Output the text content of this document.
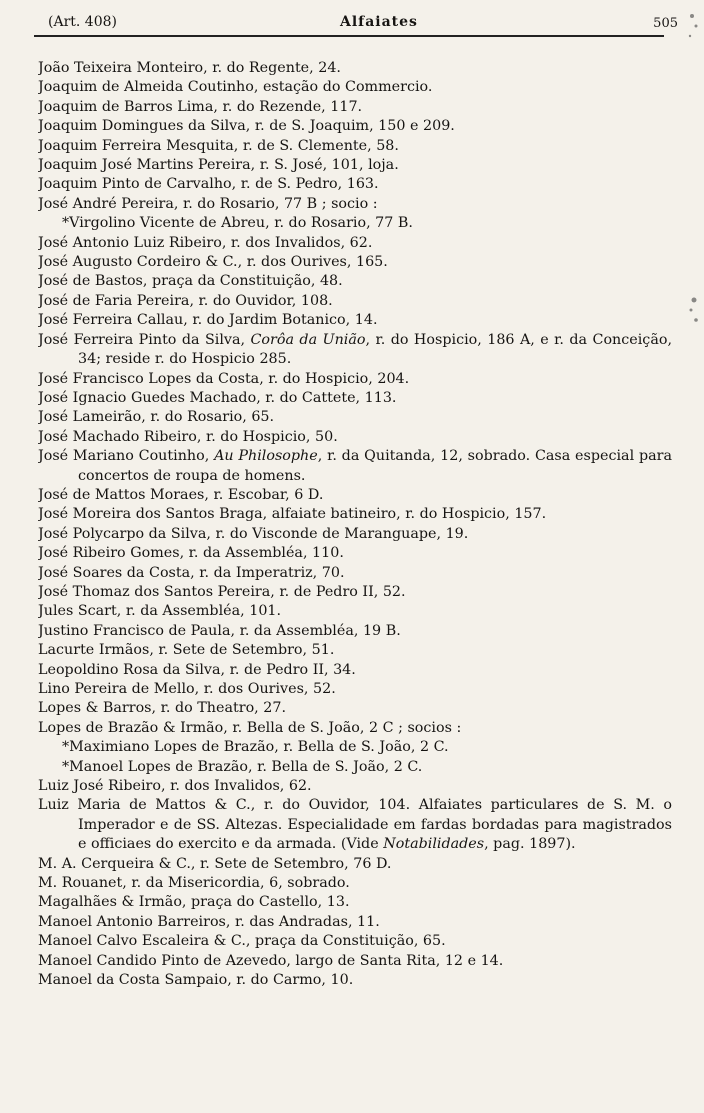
(Art. 408)	Alfaiates	505
João Teixeira Monteiro, r. do Regente, 24.
Joaquim de Almeida Coutinho, estação do Commercio.
Joaquim de Barros Lima, r. do Rezende, 117.
Joaquim Domingues da Silva, r. de S. Joaquim, 150 e 209.
Joaquim Ferreira Mesquita, r. de S. Clemente, 58.
Joaquim José Martins Pereira, r. S. José, 101, loja.
Joaquim Pinto de Carvalho, r. de S. Pedro, 163.
José André Pereira, r. do Rosario, 77 B ; socio :
*Virgolino Vicente de Abreu, r. do Rosario, 77 B.
José Antonio Luiz Ribeiro, r. dos Invalidos, 62.
José Augusto Cordeiro & C., r. dos Ourives, 165.
José de Bastos, praça da Constituição, 48.
José de Faria Pereira, r. do Ouvidor, 108.
José Ferreira Callau, r. do Jardim Botanico, 14.
José Ferreira Pinto da Silva, Corôa da União, r. do Hospicio, 186 A, e r. da Conceição, 34; reside r. do Hospicio 285.
José Francisco Lopes da Costa, r. do Hospicio, 204.
José Ignacio Guedes Machado, r. do Cattete, 113.
José Lameirão, r. do Rosario, 65.
José Machado Ribeiro, r. do Hospicio, 50.
José Mariano Coutinho, Au Philosophe, r. da Quitanda, 12, sobrado. Casa especial para concertos de roupa de homens.
José de Mattos Moraes, r. Escobar, 6 D.
José Moreira dos Santos Braga, alfaiate batineiro, r. do Hospicio, 157.
José Polycarpo da Silva, r. do Visconde de Maranguape, 19.
José Ribeiro Gomes, r. da Assembléa, 110.
José Soares da Costa, r. da Imperatriz, 70.
José Thomaz dos Santos Pereira, r. de Pedro II, 52.
Jules Scart, r. da Assembléa, 101.
Justino Francisco de Paula, r. da Assembléa, 19 B.
Lacurte Irmãos, r. Sete de Setembro, 51.
Leopoldino Rosa da Silva, r. de Pedro II, 34.
Lino Pereira de Mello, r. dos Ourives, 52.
Lopes & Barros, r. do Theatro, 27.
Lopes de Brazão & Irmão, r. Bella de S. João, 2 C ; socios :
*Maximiano Lopes de Brazão, r. Bella de S. João, 2 C.
*Manoel Lopes de Brazão, r. Bella de S. João, 2 C.
Luiz José Ribeiro, r. dos Invalidos, 62.
Luiz Maria de Mattos & C., r. do Ouvidor, 104. Alfaiates particulares de S. M. o Imperador e de SS. Altezas. Especialidade em fardas bordadas para magistrados e officiaes do exercito e da armada. (Vide Notabilidades, pag. 1897).
M. A. Cerqueira & C., r. Sete de Setembro, 76 D.
M. Rouanet, r. da Misericordia, 6, sobrado.
Magalhães & Irmão, praça do Castello, 13.
Manoel Antonio Barreiros, r. das Andradas, 11.
Manoel Calvo Escaleira & C., praça da Constituição, 65.
Manoel Candido Pinto de Azevedo, largo de Santa Rita, 12 e 14.
Manoel da Costa Sampaio, r. do Carmo, 10.
